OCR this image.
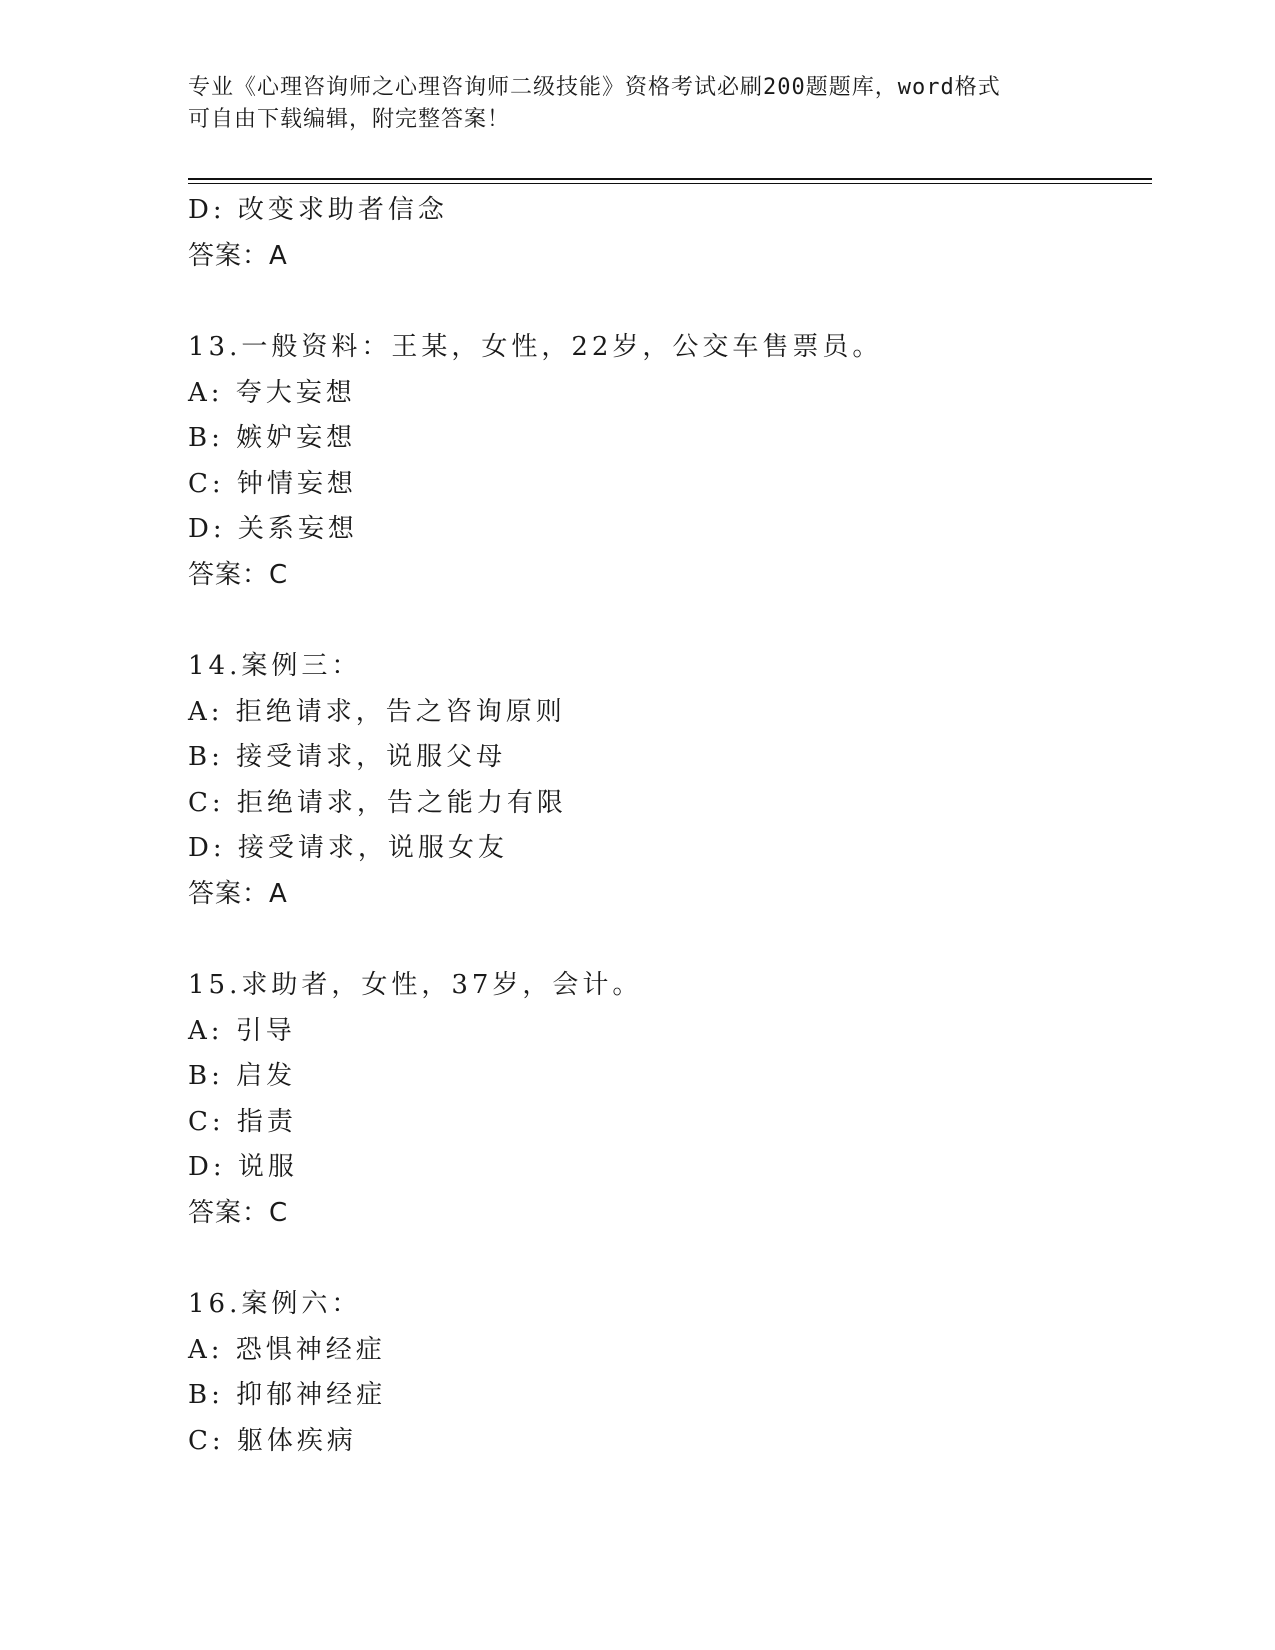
专业《心理咨询师之心理咨询师二级技能》资格考试必刷200题题库，word格式
可自由下载编辑，附完整答案！
D: 改变求助者信念
答案：A
13.一般资料：王某，女性，22岁，公交车售票员。
A: 夸大妄想
B: 嫉妒妄想
C: 钟情妄想
D: 关系妄想
答案：C
14.案例三：
A: 拒绝请求，告之咨询原则
B: 接受请求，说服父母
C: 拒绝请求，告之能力有限
D: 接受请求，说服女友
答案：A
15.求助者，女性，37岁，会计。
A: 引导
B: 启发
C: 指责
D: 说服
答案：C
16.案例六：
A: 恐惧神经症
B: 抑郁神经症
C: 躯体疾病
